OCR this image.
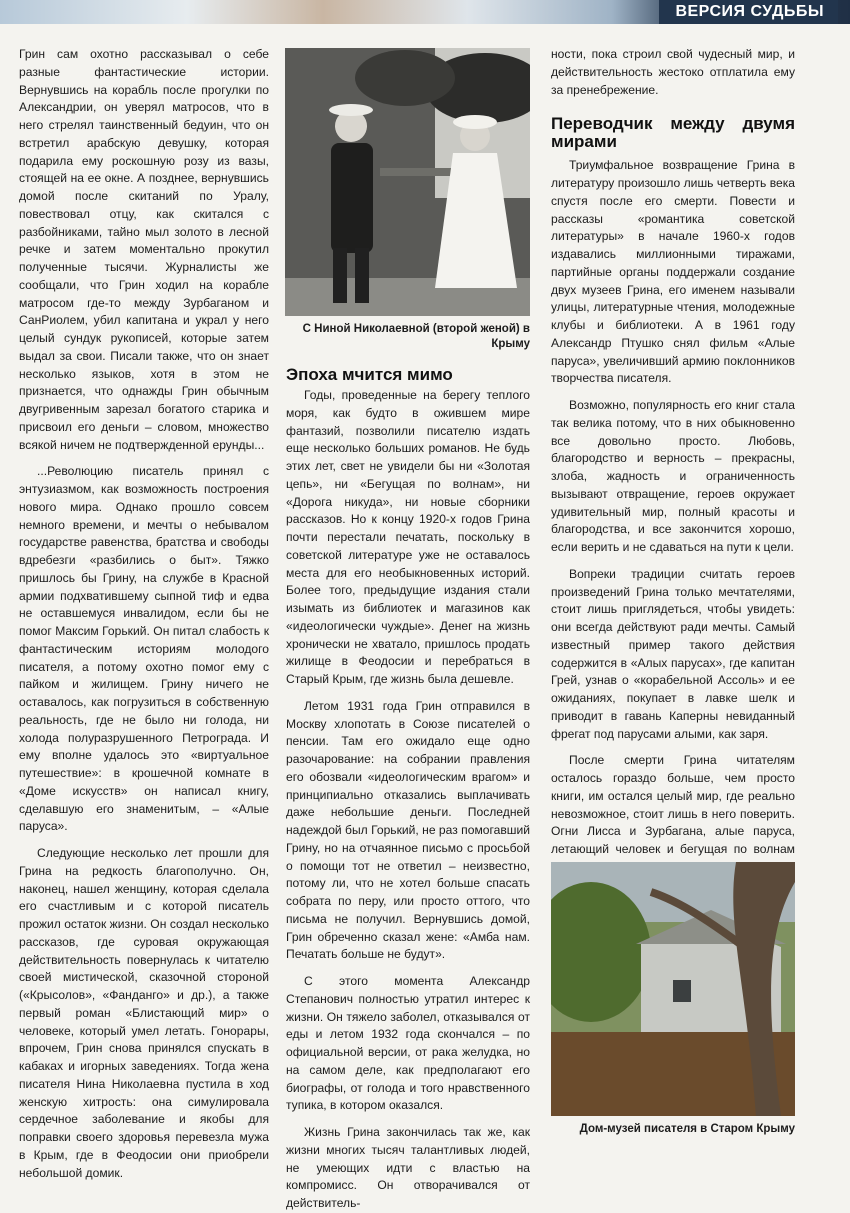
ВЕРСИЯ СУДЬБЫ

Грин сам охотно рассказывал о себе разные фантастические истории. Вернувшись на корабль после прогулки по Александрии, он уверял матросов, что в него стрелял таинственный бедуин, что он встретил арабскую девушку, которая подарила ему роскошную розу из вазы, стоящей на ее окне. А позднее, вернувшись домой после скитаний по Уралу, повествовал отцу, как скитался с разбойниками, тайно мыл золото в лесной речке и затем моментально прокутил полученные тысячи. Журналисты же сообщали, что Грин ходил на корабле матросом где-то между Зурбаганом и СанРиолем, убил капитана и украл у него целый сундук рукописей, которые затем выдал за свои. Писали также, что он знает несколько языков, хотя в этом не признается, что однажды Грин обычным двугривенным зарезал богатого старика и присвоил его деньги – словом, множество всякой ничем не подтвержденной ерунды...

...Революцию писатель принял с энтузиазмом, как возможность построения нового мира. Однако прошло совсем немного времени, и мечты о небывалом государстве равенства, братства и свободы вдребезги «разбились о быт». Тяжко пришлось бы Грину, на службе в Красной армии подхватившему сыпной тиф и едва не оставшемуся инвалидом, если бы не помог Максим Горький. Он питал слабость к фантастическим историям молодого писателя, а потому охотно помог ему с пайком и жилищем. Грину ничего не оставалось, как погрузиться в собственную реальность, где не было ни голода, ни холода полуразрушенного Петрограда. И ему вполне удалось это «виртуальное путешествие»: в крошечной комнате в «Доме искусств» он написал книгу, сделавшую его знаменитым, – «Алые паруса».

Следующие несколько лет прошли для Грина на редкость благополучно. Он, наконец, нашел женщину, которая сделала его счастливым и с которой писатель прожил остаток жизни. Он создал несколько рассказов, где суровая окружающая действительность повернулась к читателю своей мистической, сказочной стороной («Крысолов», «Фанданго» и др.), а также первый роман «Блистающий мир» о человеке, который умел летать. Гонорары, впрочем, Грин снова принялся спускать в кабаках и игорных заведениях. Тогда жена писателя Нина Николаевна пустила в ход женскую хитрость: она симулировала сердечное заболевание и якобы для поправки своего здоровья перевезла мужа в Крым, где в Феодосии они приобрели небольшой домик.

С Ниной Николаевной (второй женой) в Крыму
Эпоха мчится мимо

Годы, проведенные на берегу теплого моря, как будто в ожившем мире фантазий, позволили писателю издать еще несколько больших романов. Не будь этих лет, свет не увидели бы ни «Золотая цепь», ни «Бегущая по волнам», ни «Дорога никуда», ни новые сборники рассказов. Но к концу 1920-х годов Грина почти перестали печатать, поскольку в советской литературе уже не оставалось места для его необыкновенных историй. Более того, предыдущие издания стали изымать из библиотек и магазинов как «идеологически чуждые». Денег на жизнь хронически не хватало, пришлось продать жилище в Феодосии и перебраться в Старый Крым, где жизнь была дешевле.

Летом 1931 года Грин отправился в Москву хлопотать в Союзе писателей о пенсии. Там его ожидало еще одно разочарование: на собрании правления его обозвали «идеологическим врагом» и принципиально отказались выплачивать даже небольшие деньги. Последней надеждой был Горький, не раз помогавший Грину, но на отчаянное письмо с просьбой о помощи тот не ответил – неизвестно, потому ли, что не хотел больше спасать собрата по перу, или просто оттого, что письма не получил. Вернувшись домой, Грин обреченно сказал жене: «Амба нам. Печатать больше не будут».

С этого момента Александр Степанович полностью утратил интерес к жизни. Он тяжело заболел, отказывался от еды и летом 1932 года скончался – по официальной версии, от рака желудка, но на самом деле, как предполагают его биографы, от голода и того нравственного тупика, в котором оказался.

Жизнь Грина закончилась так же, как жизни многих тысяч талантливых людей, не умеющих идти с властью на компромисс. Он отворачивался от действитель-

ности, пока строил свой чудесный мир, и действительность жестоко отплатила ему за пренебрежение.

Переводчик между двумя мирами

Триумфальное возвращение Грина в литературу произошло лишь четверть века спустя после его смерти. Повести и рассказы «романтика советской литературы» в начале 1960-х годов издавались миллионными тиражами, партийные органы поддержали создание двух музеев Грина, его именем называли улицы, литературные чтения, молодежные клубы и библиотеки. А в 1961 году Александр Птушко снял фильм «Алые паруса», увеличивший армию поклонников творчества писателя.

Возможно, популярность его книг стала так велика потому, что в них обыкновенно все довольно просто. Любовь, благородство и верность – прекрасны, злоба, жадность и ограниченность вызывают отвращение, героев окружает удивительный мир, полный красоты и благородства, и все закончится хорошо, если верить и не сдаваться на пути к цели.

Вопреки традиции считать героев произведений Грина только мечтателями, стоит лишь приглядеться, чтобы увидеть: они всегда действуют ради мечты. Самый известный пример такого действия содержится в «Алых парусах», где капитан Грей, узнав о «корабельной Ассоль» и ее ожиданиях, покупает в лавке шелк и приводит в гавань Каперны невиданный фрегат под парусами алыми, как заря.

После смерти Грина читателям осталось гораздо больше, чем просто книги, им остался целый мир, где реально невозможное, стоит лишь в него поверить. Огни Лисса и Зурбагана, алые паруса, летающий человек и бегущая по волнам

Дом-музей писателя в Старом Крыму
